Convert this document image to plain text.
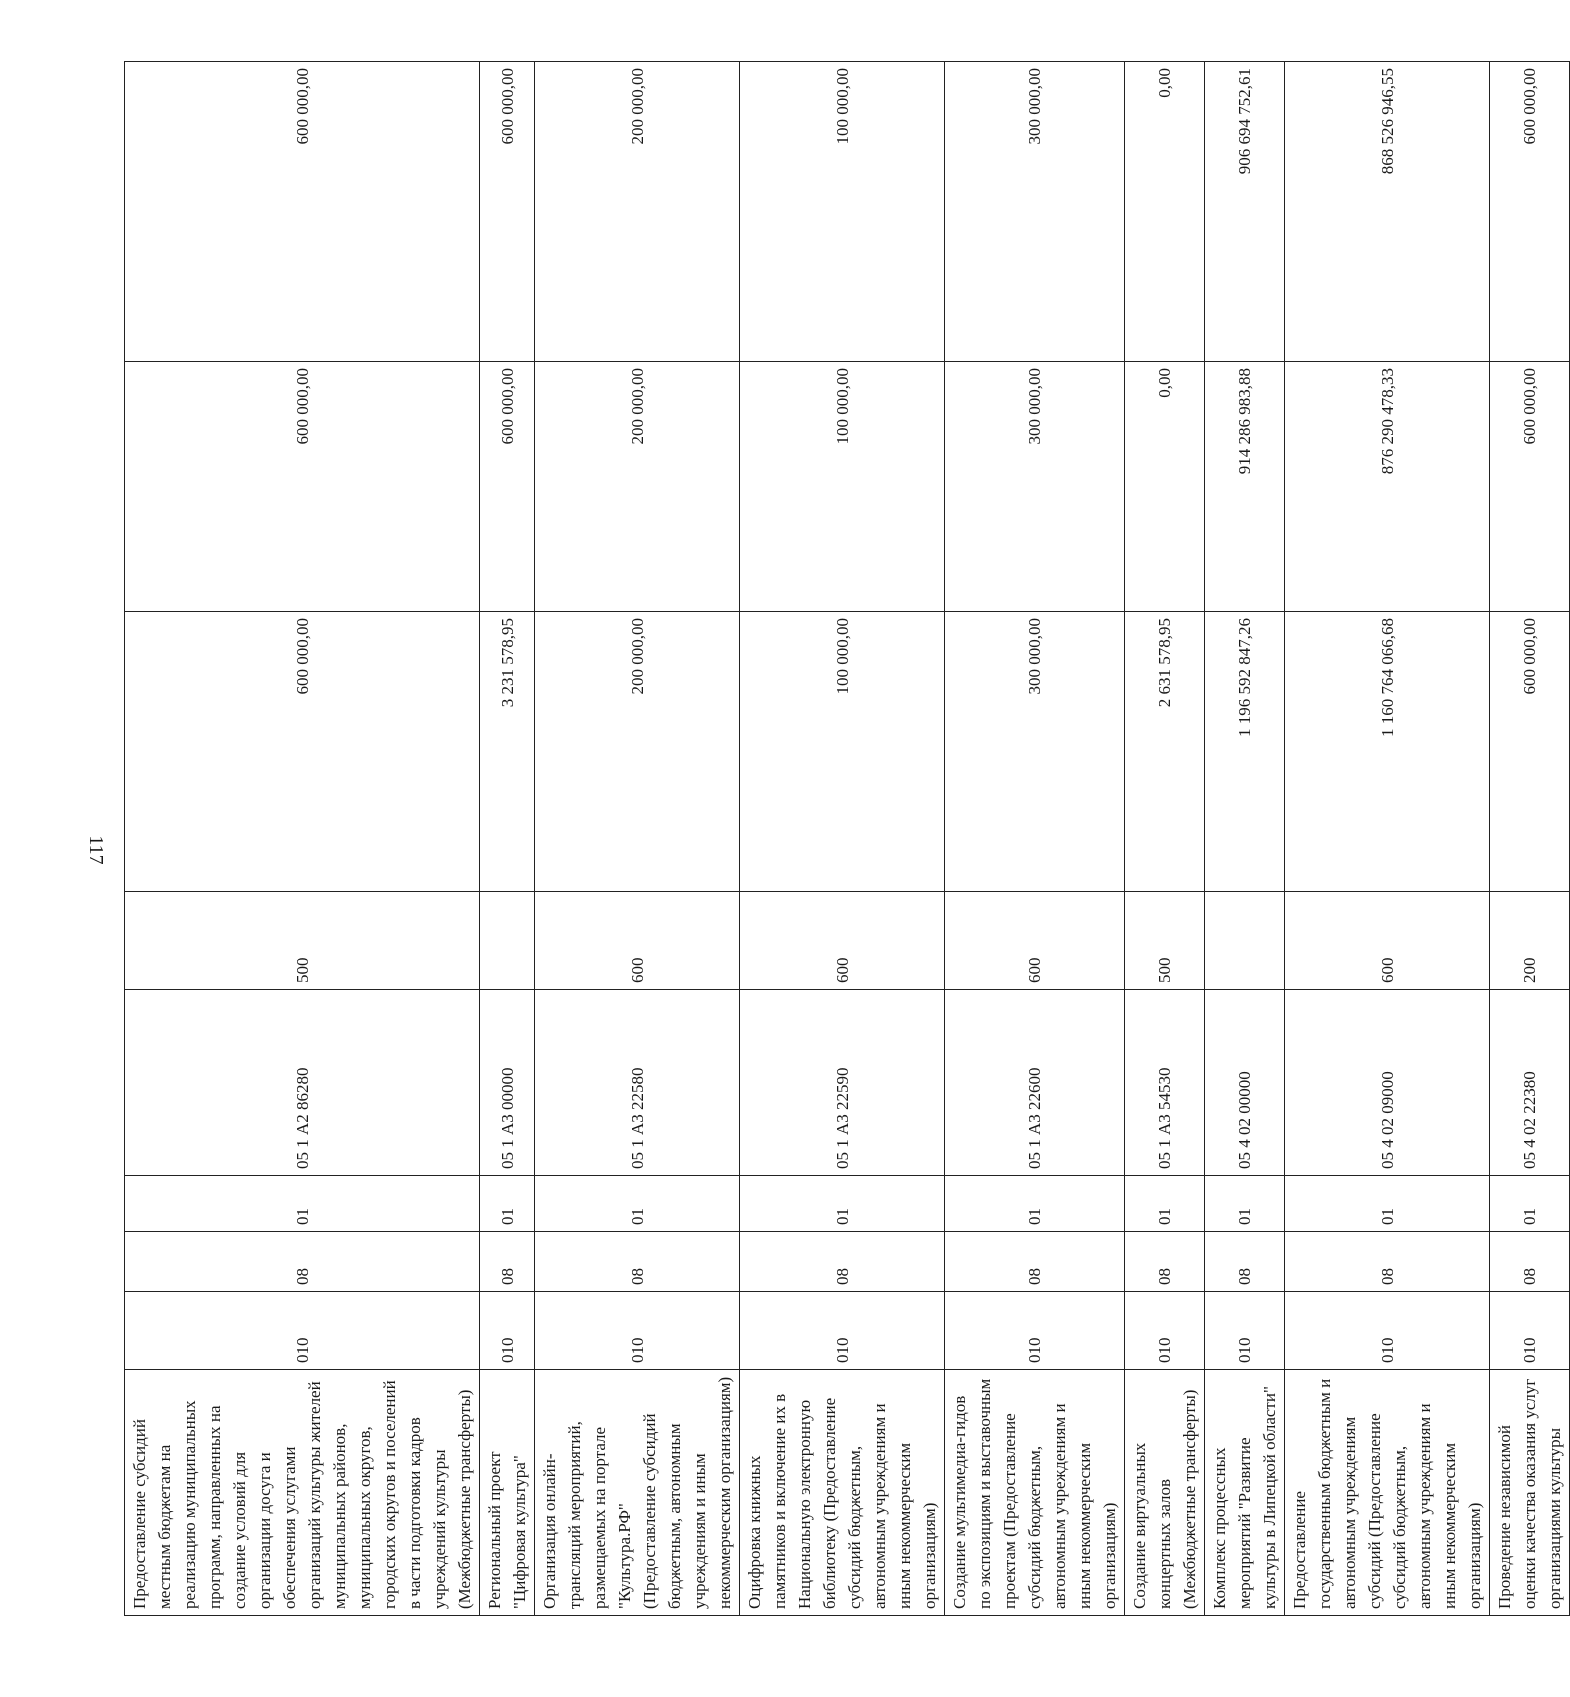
117
Предоставление субсидий местным бюджетам на реализацию муниципальных программ, направленных на создание условий для организации досуга и обеспечения услугами организаций культуры жителей муниципальных районов, муниципальных округов, городских округов и поселений в части подготовки кадров учреждений культуры (Межбюджетные трансферты)	010	08	01	05 1 А2 86280	500	600 000,00	600 000,00	600 000,00
Региональный проект "Цифровая культура"	010	08	01	05 1 А3 00000		3 231 578,95	600 000,00	600 000,00
Организация онлайн-трансляций мероприятий, размещаемых на портале "Культура.РФ" (Предоставление субсидий бюджетным, автономным учреждениям и иным некоммерческим организациям)	010	08	01	05 1 А3 22580	600	200 000,00	200 000,00	200 000,00
Оцифровка книжных памятников и включение их в Национальную электронную библиотеку (Предоставление субсидий бюджетным, автономным учреждениям и иным некоммерческим организациям)	010	08	01	05 1 А3 22590	600	100 000,00	100 000,00	100 000,00
Создание мультимедиа-гидов по экспозициям и выставочным проектам (Предоставление субсидий бюджетным, автономным учреждениям и иным некоммерческим организациям)	010	08	01	05 1 А3 22600	600	300 000,00	300 000,00	300 000,00
Создание виртуальных концертных залов (Межбюджетные трансферты)	010	08	01	05 1 А3 54530	500	2 631 578,95	0,00	0,00
Комплекс процессных мероприятий "Развитие культуры в Липецкой области"	010	08	01	05 4 02 00000		1 196 592 847,26	914 286 983,88	906 694 752,61
Предоставление государственным бюджетным и автономным учреждениям субсидий (Предоставление субсидий бюджетным, автономным учреждениям и иным некоммерческим организациям)	010	08	01	05 4 02 09000	600	1 160 764 066,68	876 290 478,33	868 526 946,55
Проведение независимой оценки качества оказания услуг организациями культуры	010	08	01	05 4 02 22380	200	600 000,00	600 000,00	600 000,00
